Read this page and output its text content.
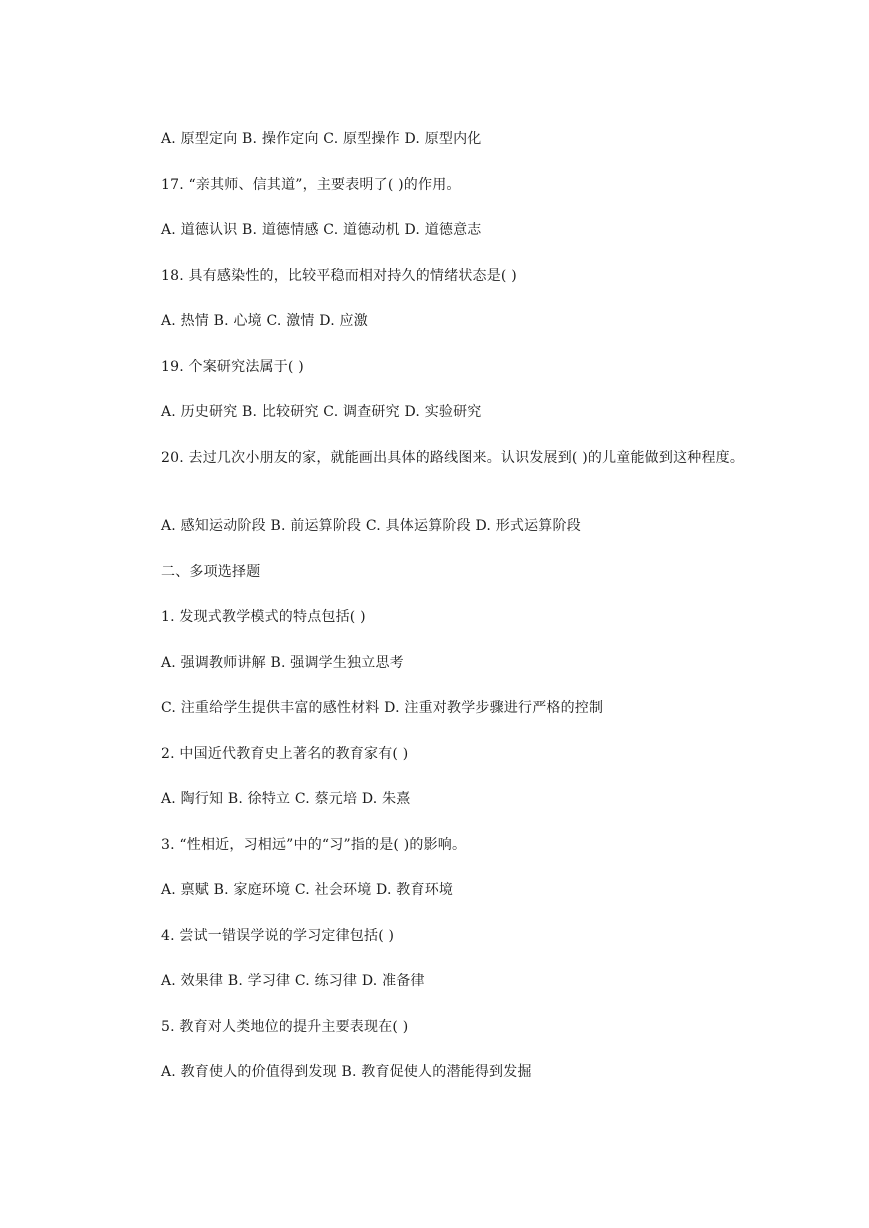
A. 原型定向 B. 操作定向 C. 原型操作 D. 原型内化
17. “亲其师、信其道”，主要表明了( )的作用。
A. 道德认识 B. 道德情感 C. 道德动机 D. 道德意志
18. 具有感染性的，比较平稳而相对持久的情绪状态是( )
A. 热情 B. 心境 C. 激情 D. 应激
19. 个案研究法属于( )
A. 历史研究 B. 比较研究 C. 调查研究 D. 实验研究
20. 去过几次小朋友的家，就能画出具体的路线图来。认识发展到( )的儿童能做到这种程度。
A. 感知运动阶段 B. 前运算阶段 C. 具体运算阶段 D. 形式运算阶段
二、多项选择题
1. 发现式教学模式的特点包括( )
A. 强调教师讲解 B. 强调学生独立思考
C. 注重给学生提供丰富的感性材料 D. 注重对教学步骤进行严格的控制
2. 中国近代教育史上著名的教育家有( )
A. 陶行知 B. 徐特立 C. 蔡元培 D. 朱熹
3. “性相近，习相远”中的“习”指的是( )的影响。
A. 禀赋 B. 家庭环境 C. 社会环境 D. 教育环境
4. 尝试一错误学说的学习定律包括( )
A. 效果律 B. 学习律 C. 练习律 D. 准备律
5. 教育对人类地位的提升主要表现在( )
A. 教育使人的价值得到发现 B. 教育促使人的潜能得到发掘
